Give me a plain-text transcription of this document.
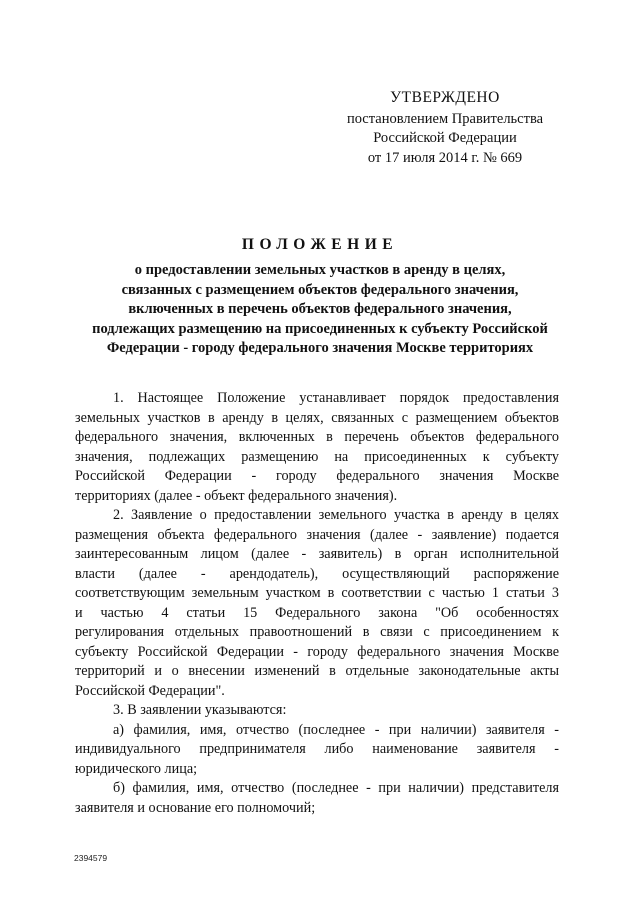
УТВЕРЖДЕНО
постановлением Правительства
Российской Федерации
от 17 июля 2014 г. № 669
ПОЛОЖЕНИЕ
о предоставлении земельных участков в аренду в целях,
связанных с размещением объектов федерального значения,
включенных в перечень объектов федерального значения,
подлежащих размещению на присоединенных к субъекту Российской
Федерации - городу федерального значения Москве территориях
1. Настоящее Положение устанавливает порядок предоставления
земельных участков в аренду в целях, связанных с размещением объектов
федерального значения, включенных в перечень объектов федерального
значения, подлежащих размещению на присоединенных к субъекту
Российской Федерации - городу федерального значения Москве
территориях (далее - объект федерального значения).
2. Заявление о предоставлении земельного участка в аренду в целях
размещения объекта федерального значения (далее - заявление) подается
заинтересованным лицом (далее - заявитель) в орган исполнительной
власти (далее - арендодатель), осуществляющий распоряжение
соответствующим земельным участком в соответствии с частью 1 статьи 3
и частью 4 статьи 15 Федерального закона "Об особенностях
регулирования отдельных правоотношений в связи с присоединением к
субъекту Российской Федерации - городу федерального значения Москве
территорий и о внесении изменений в отдельные законодательные акты
Российской Федерации".
3. В заявлении указываются:
а) фамилия, имя, отчество (последнее - при наличии) заявителя -
индивидуального предпринимателя либо наименование заявителя -
юридического лица;
б) фамилия, имя, отчество (последнее - при наличии) представителя
заявителя и основание его полномочий;
2394579
